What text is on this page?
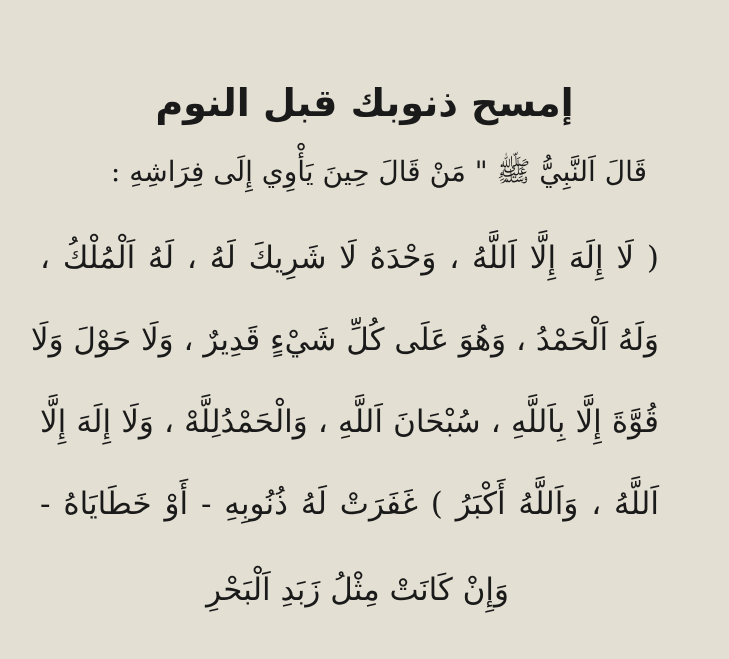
إمسح ذنوبك قبل النوم

قَالَ اَلنَّبِيُّ ﷺ " مَنْ قَالَ حِينَ يَأْوِي إِلَى فِرَاشِهِ :

( لَا إِلَهَ إِلَّا اَللَّهُ ، وَحْدَهُ لَا شَرِيكَ لَهُ ، لَهُ اَلْمُلْكُ ،

وَلَهُ اَلْحَمْدُ ، وَهُوَ عَلَى كُلِّ شَيْءٍ قَدِيرٌ ، وَلَا حَوْلَ وَلَا

قُوَّةَ إِلَّا بِاَللَّهِ ، سُبْحَانَ اَللَّهِ ، وَالْحَمْدُلِلَّهْ ، وَلَا إِلَهَ إِلَّا

اَللَّهُ ، وَاَللَّهُ أَكْبَرُ ) غَفَرَتْ لَهُ ذُنُوبِهِ - أَوْ خَطَايَاهُ -

وَإِنْ كَانَتْ مِثْلُ زَبَدِ اَلْبَحْرِ
